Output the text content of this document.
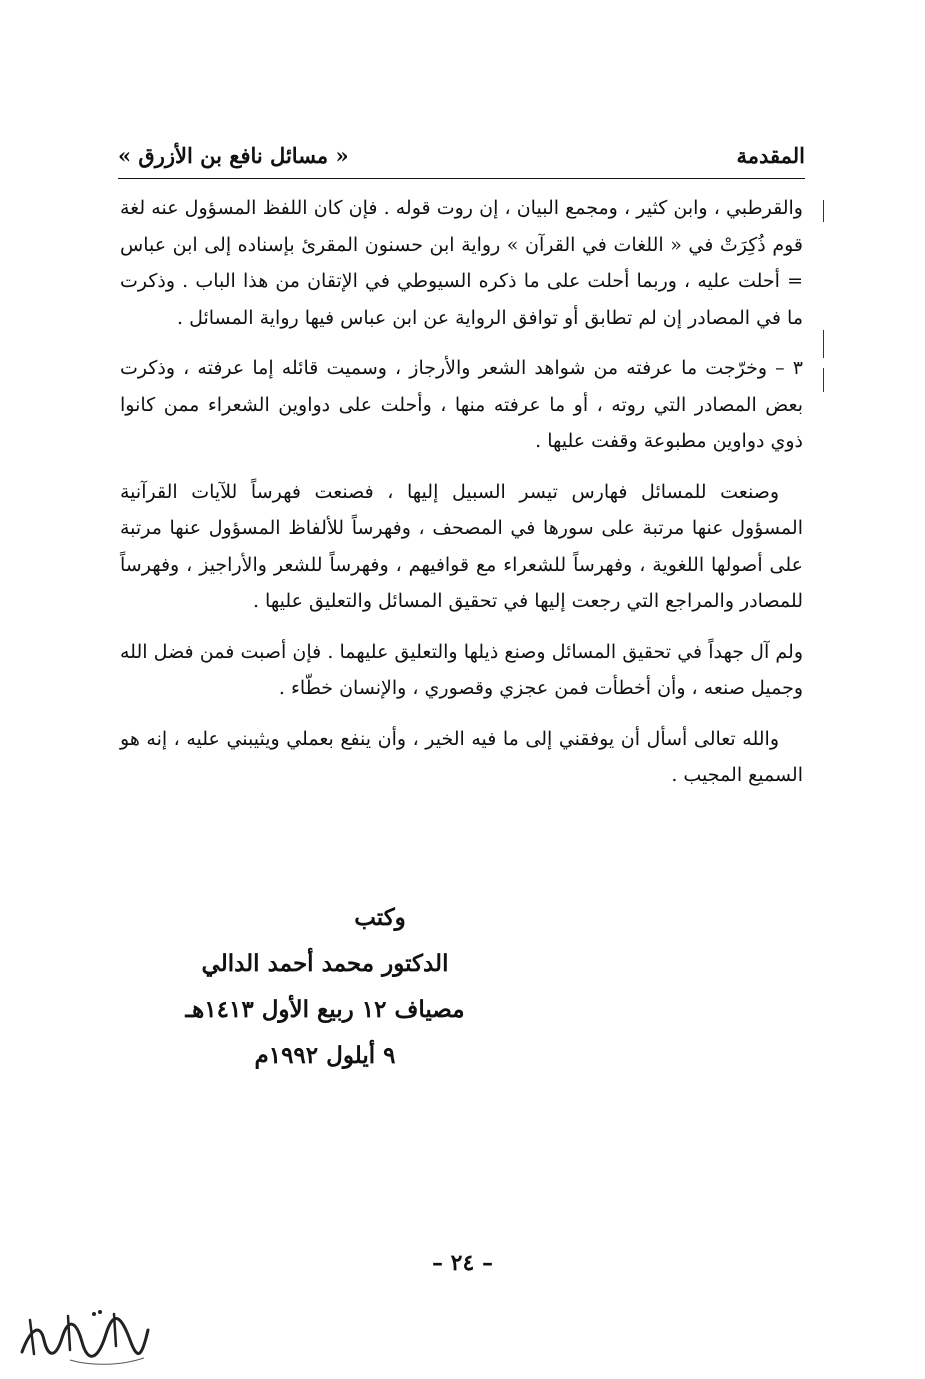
المقدمة
« مسائل نافع بن الأزرق »

والقرطبي ، وابن كثير ، ومجمع البيان ، إن روت قوله . فإن كان اللفظ المسؤول عنه لغة قوم ذُكِرَتْ في « اللغات في القرآن » رواية ابن حسنون المقرئ بإسناده إلى ابن عباس = أحلت عليه ، وربما أحلت على ما ذكره السيوطي في الإتقان من هذا الباب . وذكرت ما في المصادر إن لم تطابق أو توافق الرواية عن ابن عباس فيها رواية المسائل .

٣ – وخرّجت ما عرفته من شواهد الشعر والأرجاز ، وسميت قائله إما عرفته ، وذكرت بعض المصادر التي روته ، أو ما عرفته منها ، وأحلت على دواوين الشعراء ممن كانوا ذوي دواوين مطبوعة وقفت عليها .

وصنعت للمسائل فهارس تيسر السبيل إليها ، فصنعت فهرساً للآيات القرآنية المسؤول عنها مرتبة على سورها في المصحف ، وفهرساً للألفاظ المسؤول عنها مرتبة على أصولها اللغوية ، وفهرساً للشعراء مع قوافيهم ، وفهرساً للشعر والأراجيز ، وفهرساً للمصادر والمراجع التي رجعت إليها في تحقيق المسائل والتعليق عليها .

ولم آل جهداً في تحقيق المسائل وصنع ذيلها والتعليق عليهما . فإن أصبت فمن فضل الله وجميل صنعه ، وأن أخطأت فمن عجزي وقصوري ، والإنسان خطّاء .

والله تعالى أسأل أن يوفقني إلى ما فيه الخير ، وأن ينفع بعملي ويثيبني عليه ، إنه هو السميع المجيب .

وكتب
الدكتور محمد أحمد الدالي
مصياف ١٢ ربيع الأول ١٤١٣هـ
٩ أيلول ١٩٩٢م
– ٢٤ –
